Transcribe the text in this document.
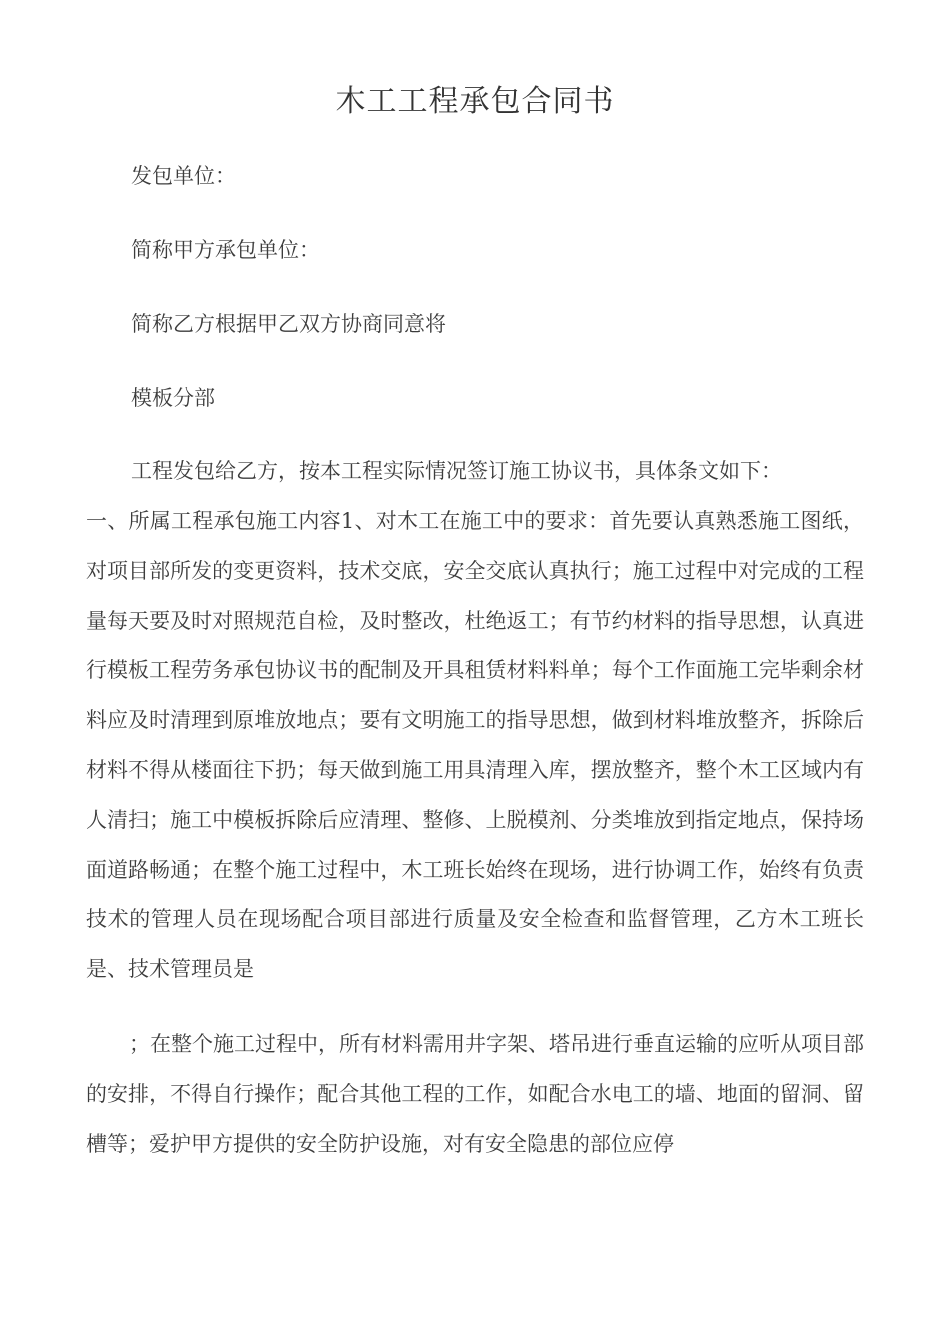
木工工程承包合同书
发包单位：
简称甲方承包单位：
简称乙方根据甲乙双方协商同意将
模板分部
工程发包给乙方，按本工程实际情况签订施工协议书，具体条文如下：
一、所属工程承包施工内容1、对木工在施工中的要求：首先要认真熟悉施工图纸，对项目部所发的变更资料，技术交底，安全交底认真执行；施工过程中对完成的工程量每天要及时对照规范自检，及时整改，杜绝返工；有节约材料的指导思想，认真进行模板工程劳务承包协议书的配制及开具租赁材料料单；每个工作面施工完毕剩余材料应及时清理到原堆放地点；要有文明施工的指导思想，做到材料堆放整齐，拆除后材料不得从楼面往下扔；每天做到施工用具清理入库，摆放整齐，整个木工区域内有人清扫；施工中模板拆除后应清理、整修、上脱模剂、分类堆放到指定地点，保持场面道路畅通；在整个施工过程中，木工班长始终在现场，进行协调工作，始终有负责技术的管理人员在现场配合项目部进行质量及安全检查和监督管理，乙方木工班长是、技术管理员是
；在整个施工过程中，所有材料需用井字架、塔吊进行垂直运输的应听从项目部的安排，不得自行操作；配合其他工程的工作，如配合水电工的墙、地面的留洞、留槽等；爱护甲方提供的安全防护设施，对有安全隐患的部位应停
